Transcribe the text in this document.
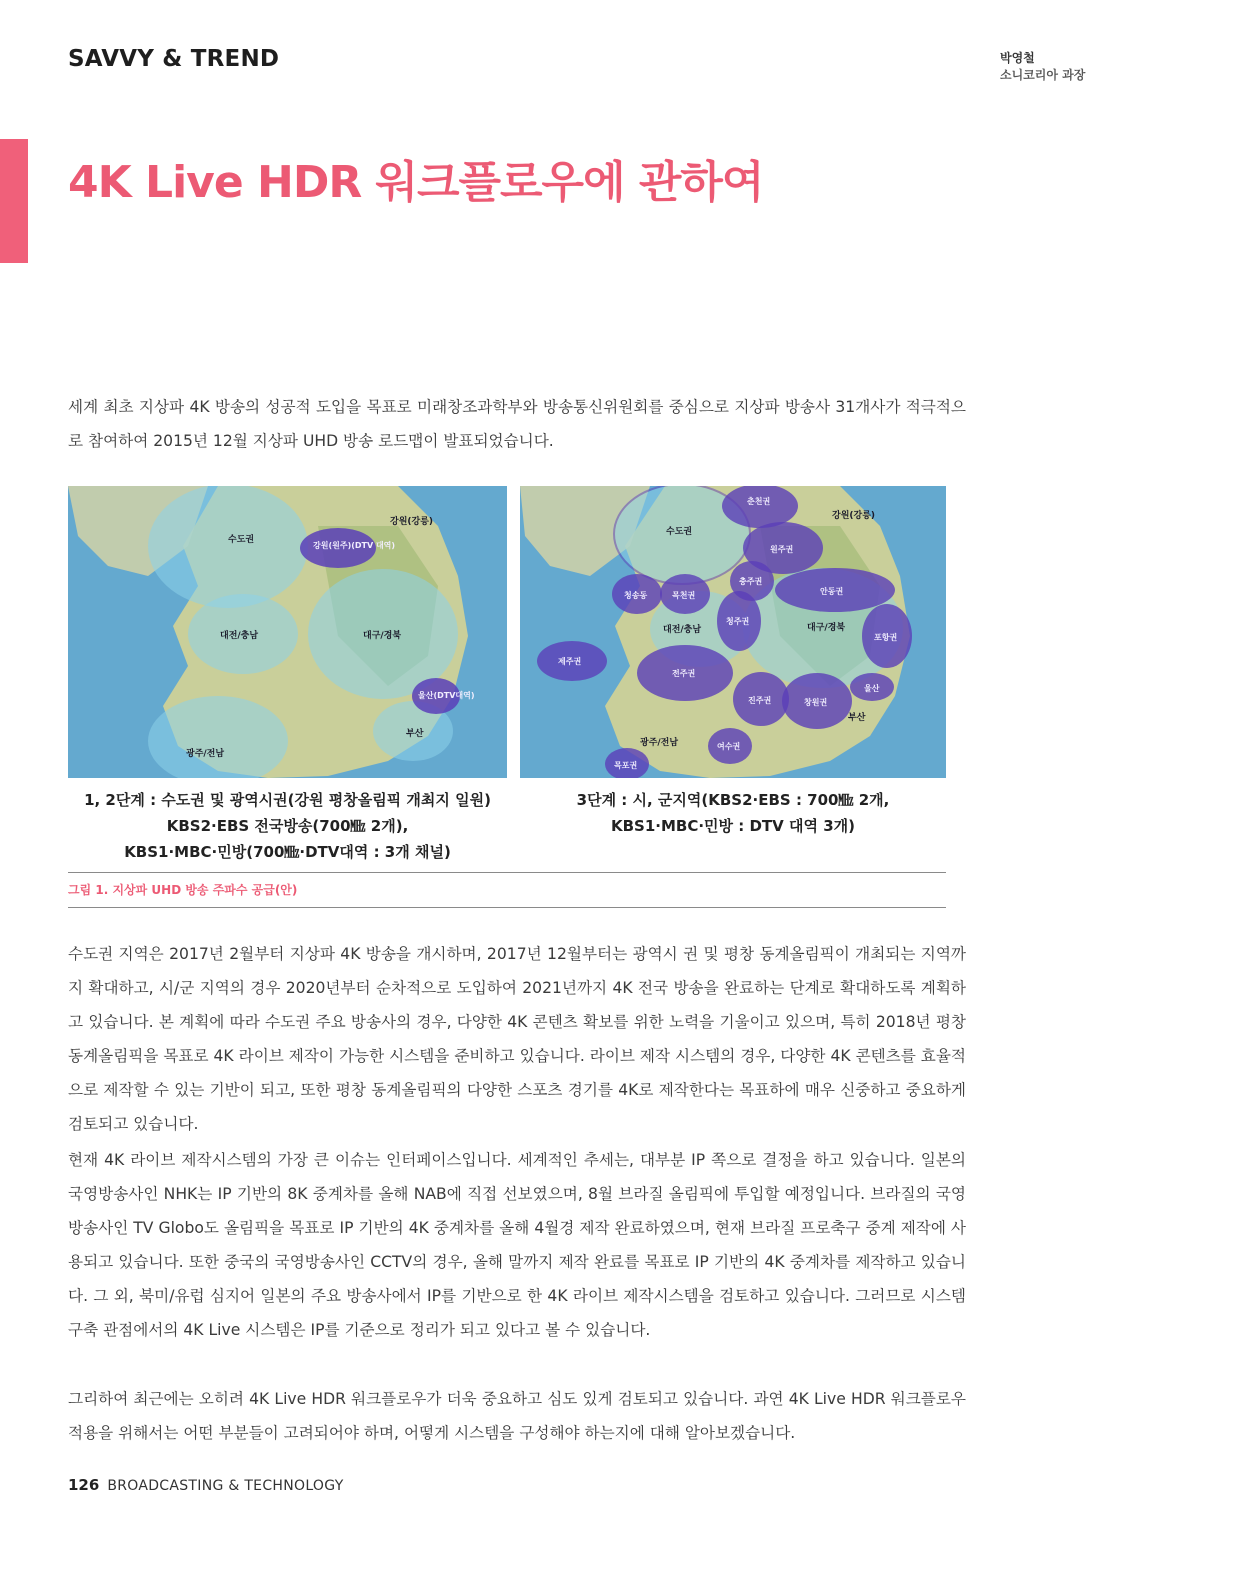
SAVVY & TREND	박영철
소니코리아 과장
4K Live HDR 워크플로우에 관하여

세계 최초 지상파 4K 방송의 성공적 도입을 목표로 미래창조과학부와 방송통신위원회를 중심으로 지상파 방송사 31개사가 적극적으로 참여하여 2015년 12월 지상파 UHD 방송 로드맵이 발표되었습니다.

수도권
강원(원주)(DTV 대역)
강원(강릉)
대전/충남	대구/경북
울산(DTV대역)
부산
광주/전남
수도권
춘천권
강원(강릉)
원주권
충주권
안동권
청송동	목천권
대전/충남
청주권
대구/경북
포항권
제주권
전주권
진주권	창원권
울산
부산
광주/전남	여수권
목포권
1, 2단계 : 수도권 및 광역시권(강원 평창올림픽 개최지 일원)
KBS2·EBS 전국방송(700㎒ 2개),
KBS1·MBC·민방(700㎒·DTV대역 : 3개 채널)
3단계 : 시, 군지역(KBS2·EBS : 700㎒ 2개,
KBS1·MBC·민방 : DTV 대역 3개)
그림 1. 지상파 UHD 방송 주파수 공급(안)

수도권 지역은 2017년 2월부터 지상파 4K 방송을 개시하며, 2017년 12월부터는 광역시 권 및 평창 동계올림픽이 개최되는 지역까지 확대하고, 시/군 지역의 경우 2020년부터 순차적으로 도입하여 2021년까지 4K 전국 방송을 완료하는 단계로 확대하도록 계획하고 있습니다. 본 계획에 따라 수도권 주요 방송사의 경우, 다양한 4K 콘텐츠 확보를 위한 노력을 기울이고 있으며, 특히 2018년 평창 동계올림픽을 목표로 4K 라이브 제작이 가능한 시스템을 준비하고 있습니다. 라이브 제작 시스템의 경우, 다양한 4K 콘텐츠를 효율적으로 제작할 수 있는 기반이 되고, 또한 평창 동계올림픽의 다양한 스포츠 경기를 4K로 제작한다는 목표하에 매우 신중하고 중요하게 검토되고 있습니다.

현재 4K 라이브 제작시스템의 가장 큰 이슈는 인터페이스입니다. 세계적인 추세는, 대부분 IP 쪽으로 결정을 하고 있습니다. 일본의 국영방송사인 NHK는 IP 기반의 8K 중계차를 올해 NAB에 직접 선보였으며, 8월 브라질 올림픽에 투입할 예정입니다. 브라질의 국영방송사인 TV Globo도 올림픽을 목표로 IP 기반의 4K 중계차를 올해 4월경 제작 완료하였으며, 현재 브라질 프로축구 중계 제작에 사용되고 있습니다. 또한 중국의 국영방송사인 CCTV의 경우, 올해 말까지 제작 완료를 목표로 IP 기반의 4K 중계차를 제작하고 있습니다. 그 외, 북미/유럽 심지어 일본의 주요 방송사에서 IP를 기반으로 한 4K 라이브 제작시스템을 검토하고 있습니다. 그러므로 시스템 구축 관점에서의 4K Live 시스템은 IP를 기준으로 정리가 되고 있다고 볼 수 있습니다.

그리하여 최근에는 오히려 4K Live HDR 워크플로우가 더욱 중요하고 심도 있게 검토되고 있습니다. 과연 4K Live HDR 워크플로우 적용을 위해서는 어떤 부분들이 고려되어야 하며, 어떻게 시스템을 구성해야 하는지에 대해 알아보겠습니다.

126 BROADCASTING & TECHNOLOGY
